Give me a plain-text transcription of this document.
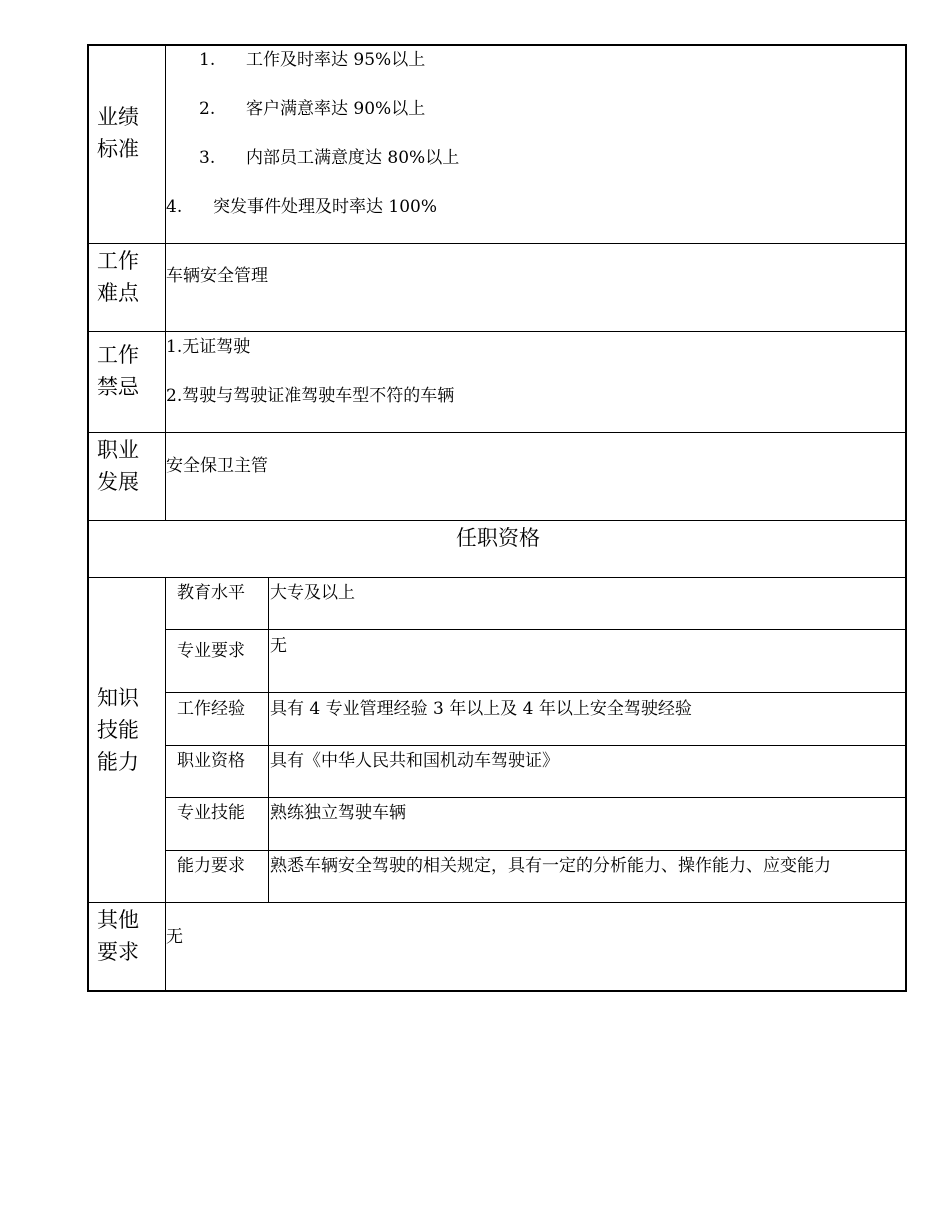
业绩标准
1. 工作及时率达 95%以上
2. 客户满意率达 90%以上
3. 内部员工满意度达 80%以上
4. 突发事件处理及时率达 100%
工作难点
车辆安全管理
工作禁忌
1.无证驾驶
2.驾驶与驾驶证准驾驶车型不符的车辆
职业发展
安全保卫主管
任职资格
知识技能能力
教育水平 大专及以上
专业要求 无
工作经验 具有 4 专业管理经验 3 年以上及 4 年以上安全驾驶经验
职业资格 具有《中华人民共和国机动车驾驶证》
专业技能 熟练独立驾驶车辆
能力要求 熟悉车辆安全驾驶的相关规定，具有一定的分析能力、操作能力、应变能力
其他要求
无
